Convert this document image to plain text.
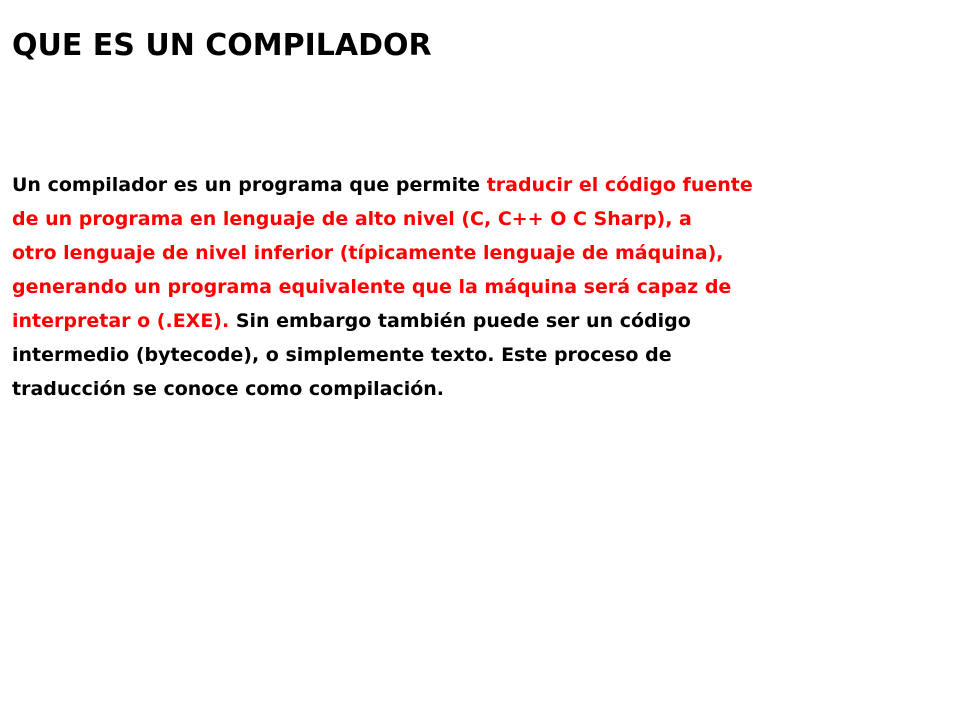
QUE ES UN COMPILADOR
Un compilador es un programa que permite traducir el código fuente
de un programa en lenguaje de alto nivel (C, C++ O C Sharp), a
otro lenguaje de nivel inferior (típicamente lenguaje de máquina),
generando un programa equivalente que la máquina será capaz de
interpretar o (.EXE). Sin embargo también puede ser un código
intermedio (bytecode), o simplemente texto. Este proceso de
traducción se conoce como compilación.
